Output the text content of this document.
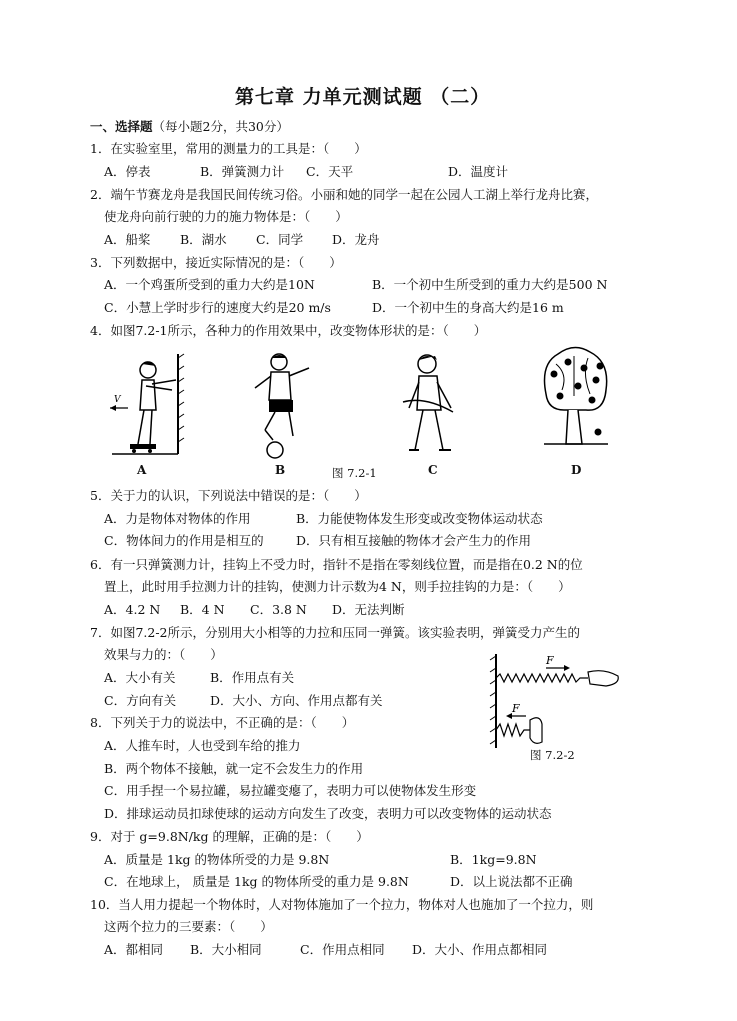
第七章 力单元测试题 （二）
一、选择题（每小题2分，共30分）
1．在实验室里，常用的测量力的工具是：（　　）
A．停表	B．弹簧测力计 C．天平	D．温度计
2．端午节赛龙舟是我国民间传统习俗。小丽和她的同学一起在公园人工湖上举行龙舟比赛，
使龙舟向前行驶的力的施力物体是：（　　）
A．船桨 B．湖水 C．同学 D．龙舟
3．下列数据中，接近实际情况的是：（　　）
A．一个鸡蛋所受到的重力大约是10N	B．一个初中生所受到的重力大约是500 N
C．小慧上学时步行的速度大约是20 m/s	D．一个初中生的身高大约是16 m
4．如图7.2-1所示，各种力的作用效果中，改变物体形状的是：（　　）
V
A	B	图 7.2-1	C	D
5．关于力的认识，下列说法中错误的是：（　　）
A．力是物体对物体的作用	B．力能使物体发生形变或改变物体运动状态
C．物体间力的作用是相互的	D．只有相互接触的物体才会产生力的作用
6．有一只弹簧测力计，挂钩上不受力时，指针不是指在零刻线位置，而是指在0.2 N的位
置上，此时用手拉测力计的挂钩，使测力计示数为4 N，则手拉挂钩的力是：（　　）
A．4.2 N B．4 N C．3.8 N D．无法判断
7．如图7.2-2所示，分别用大小相等的力拉和压同一弹簧。该实验表明，弹簧受力产生的
效果与力的：（　　）
A．大小有关	B．作用点有关
C．方向有关	D．大小、方向、作用点都有关
F
F
图 7.2-2
8．下列关于力的说法中，不正确的是：（　　）
A．人推车时，人也受到车给的推力
B．两个物体不接触，就一定不会发生力的作用
C．用手捏一个易拉罐，易拉罐变瘪了，表明力可以使物体发生形变
D．排球运动员扣球使球的运动方向发生了改变，表明力可以改变物体的运动状态
9．对于 g=9.8N/kg 的理解，正确的是：（　　）
A．质量是 1kg 的物体所受的力是 9.8N	B．1kg=9.8N
C．在地球上， 质量是 1kg 的物体所受的重力是 9.8N	D．以上说法都不正确
10．当人用力提起一个物体时，人对物体施加了一个拉力，物体对人也施加了一个拉力，则
这两个拉力的三要素：（　　）
A．都相同 B．大小相同	C．作用点相同 D．大小、作用点都相同
